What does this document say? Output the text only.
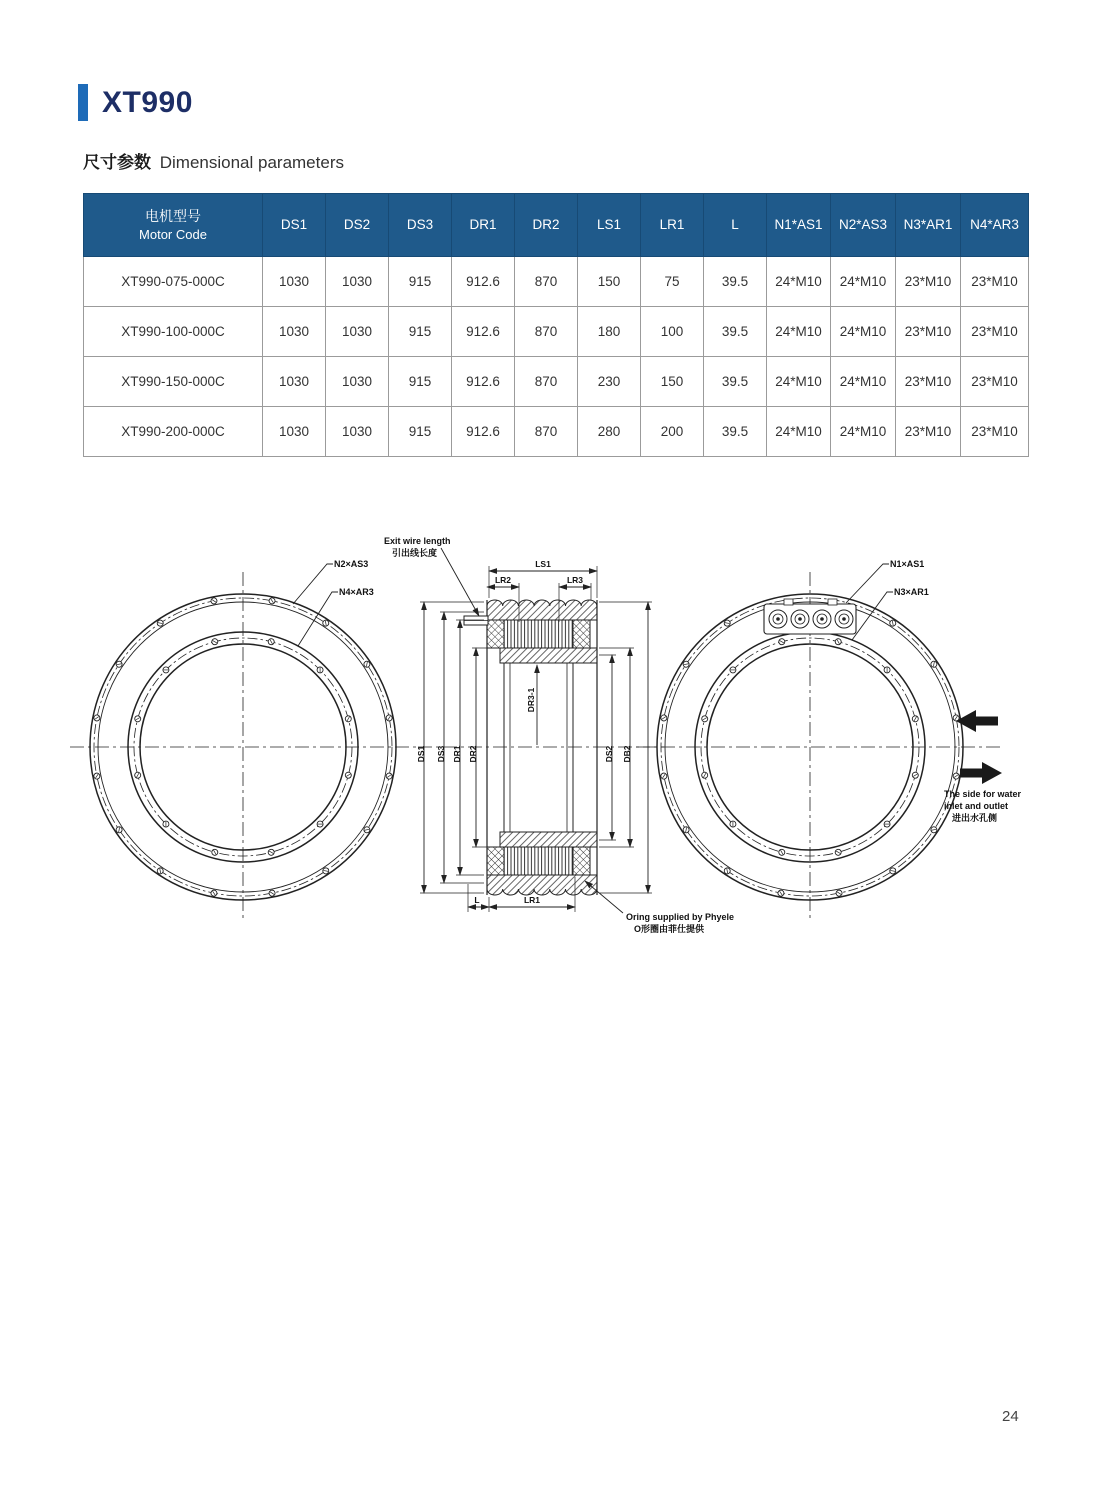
XT990
尺寸参数 Dimensional parameters
电机型号
Motor Code	DS1	DS2	DS3	DR1	DR2	LS1	LR1	L	N1*AS1	N2*AS3	N3*AR1	N4*AR3
XT990-075-000C	1030	1030	915	912.6	870	150	75	39.5	24*M10	24*M10	23*M10	23*M10
XT990-100-000C	1030	1030	915	912.6	870	180	100	39.5	24*M10	24*M10	23*M10	23*M10
XT990-150-000C	1030	1030	915	912.6	870	230	150	39.5	24*M10	24*M10	23*M10	23*M10
XT990-200-000C	1030	1030	915	912.6	870	280	200	39.5	24*M10	24*M10	23*M10	23*M10
N2×AS3
N4×AR3
LS1
LR2	LR3
L	LR1
DS1 DS3 DR1 DR2	DS2 DB2
DR3-1
Exit wire length
引出线长度
Oring supplied by Phyele
O形圈由菲仕提供
N1×AS1
N3×AR1
The side for water
inlet and outlet
进出水孔侧
24
